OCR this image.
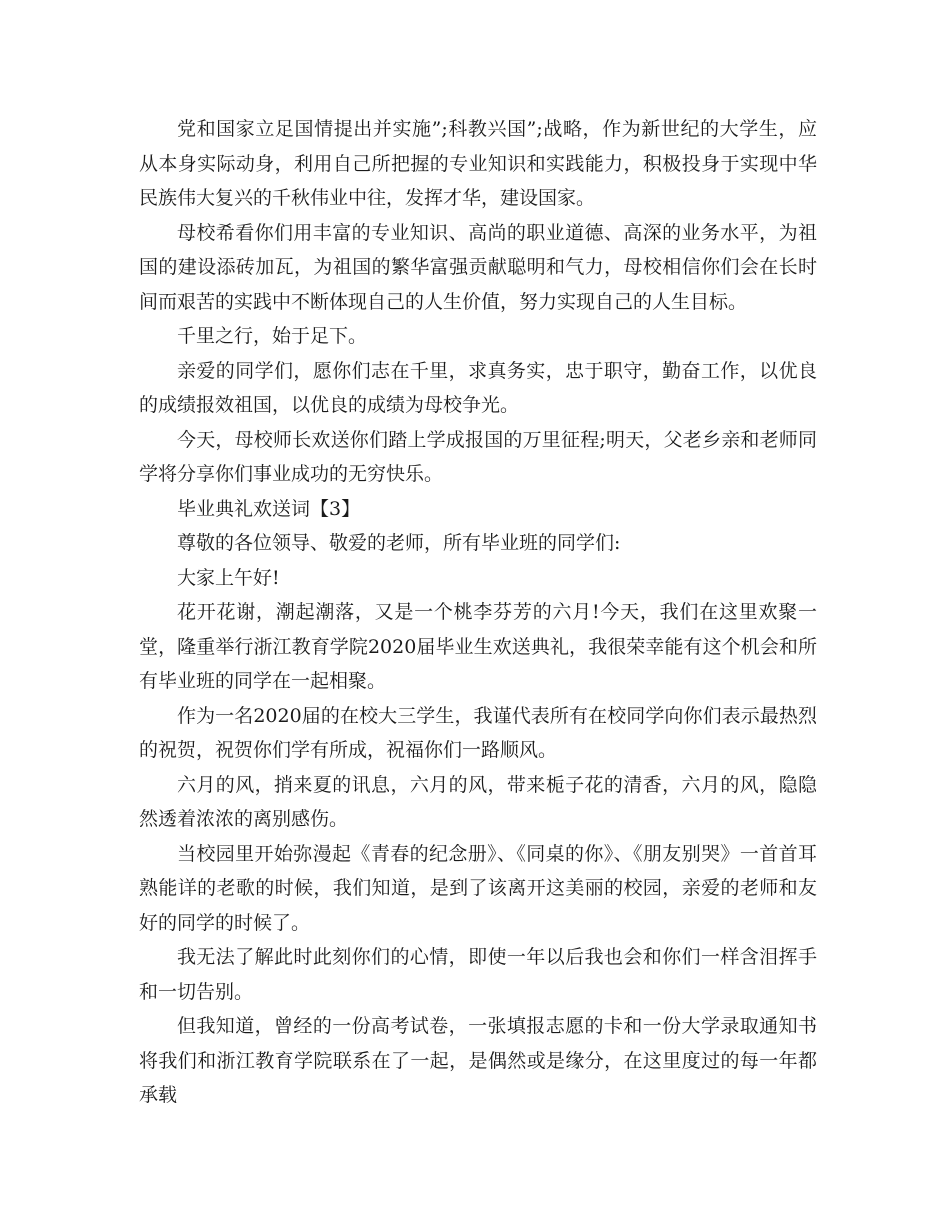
党和国家立足国情提出并实施”;科教兴国”;战略，作为新世纪的大学生，应从本身实际动身，利用自己所把握的专业知识和实践能力，积极投身于实现中华民族伟大复兴的千秋伟业中往，发挥才华，建设国家。

母校希看你们用丰富的专业知识、高尚的职业道德、高深的业务水平，为祖国的建设添砖加瓦，为祖国的繁华富强贡献聪明和气力，母校相信你们会在长时间而艰苦的实践中不断体现自己的人生价值，努力实现自己的人生目标。

千里之行，始于足下。

亲爱的同学们，愿你们志在千里，求真务实，忠于职守，勤奋工作，以优良的成绩报效祖国，以优良的成绩为母校争光。

今天，母校师长欢送你们踏上学成报国的万里征程;明天，父老乡亲和老师同学将分享你们事业成功的无穷快乐。

毕业典礼欢送词【3】

尊敬的各位领导、敬爱的老师，所有毕业班的同学们:

大家上午好!

花开花谢，潮起潮落，又是一个桃李芬芳的六月!今天，我们在这里欢聚一堂，隆重举行浙江教育学院2020届毕业生欢送典礼，我很荣幸能有这个机会和所有毕业班的同学在一起相聚。

作为一名2020届的在校大三学生，我谨代表所有在校同学向你们表示最热烈的祝贺，祝贺你们学有所成，祝福你们一路顺风。

六月的风，捎来夏的讯息，六月的风，带来栀子花的清香，六月的风，隐隐然透着浓浓的离别感伤。

当校园里开始弥漫起《青春的纪念册》、《同桌的你》、《朋友别哭》一首首耳熟能详的老歌的时候，我们知道，是到了该离开这美丽的校园，亲爱的老师和友好的同学的时候了。

我无法了解此时此刻你们的心情，即使一年以后我也会和你们一样含泪挥手和一切告别。

但我知道，曾经的一份高考试卷，一张填报志愿的卡和一份大学录取通知书将我们和浙江教育学院联系在了一起，是偶然或是缘分，在这里度过的每一年都承载
